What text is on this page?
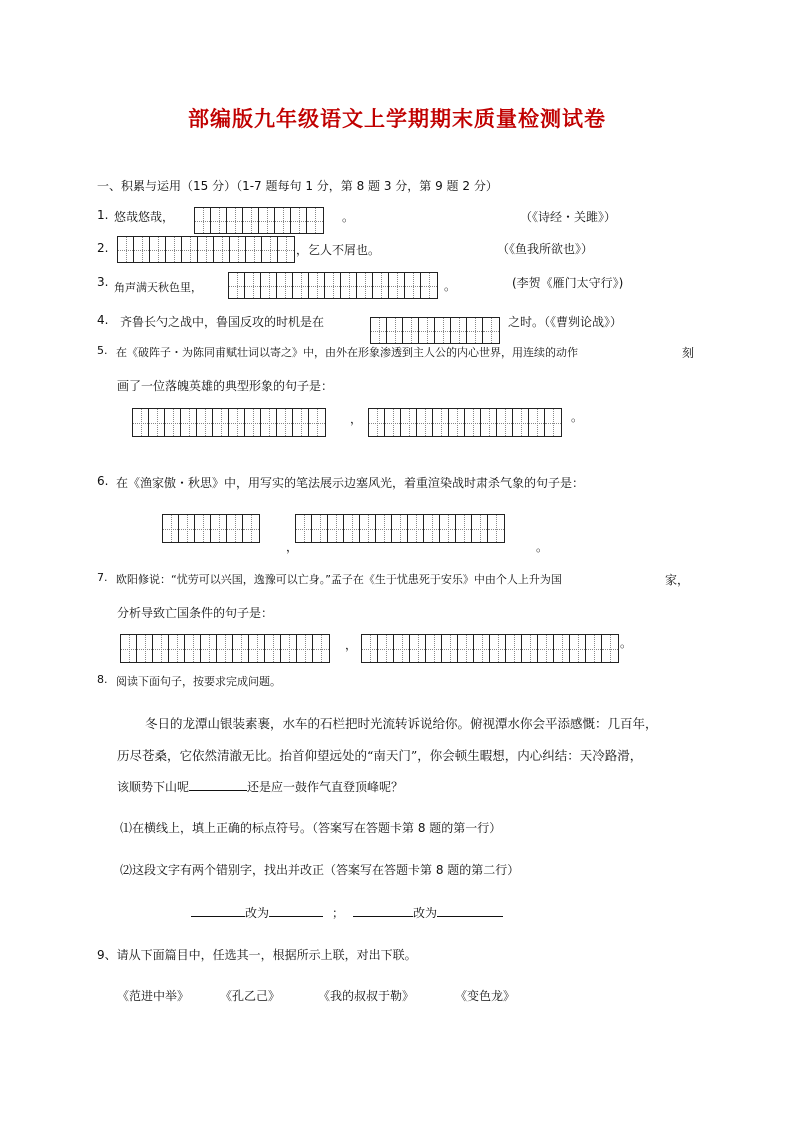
部编版九年级语文上学期期末质量检测试卷
一、积累与运用（15 分）（1-7 题每句 1 分，第 8 题 3 分，第 9 题 2 分）
1. 悠哉悠哉，	。	（《诗经・关雎》）
2.	，乞人不屑也。	（《鱼我所欲也》）
3. 角声满天秋色里，	。	(李贺《雁门太守行》)
4. 齐鲁长勺之战中，鲁国反攻的时机是在	之时。（《曹刿论战》）
5. 在《破阵子・为陈同甫赋壮词以寄之》中，由外在形象渗透到主人公的内心世界，用连续的动作	刻
画了一位落魄英雄的典型形象的句子是：
，	。
6. 在《渔家傲・秋思》中，用写实的笔法展示边塞风光，着重渲染战时肃杀气象的句子是：
，	。
7. 欧阳修说：“忧劳可以兴国，逸豫可以亡身。”孟子在《生于忧患死于安乐》中由个人上升为国	家，
分析导致亡国条件的句子是：
，	。
8. 阅读下面句子，按要求完成问题。
冬日的龙潭山银装素裹，水车的石栏把时光流转诉说给你。俯视潭水你会平添感慨：几百年，
历尽苍桑，它依然清澈无比。抬首仰望远处的“南天门”，你会顿生暇想，内心纠结：天冷路滑，
该顺势下山呢	还是应一鼓作气直登顶峰呢？
⑴在横线上，填上正确的标点符号。（答案写在答题卡第 8 题的第一行）
⑵这段文字有两个错别字，找出并改正（答案写在答题卡第 8 题的第二行）
改为	；	改为
9、请从下面篇目中，任选其一，根据所示上联，对出下联。
《范进中举》	《孔乙己》	《我的叔叔于勒》	《变色龙》
